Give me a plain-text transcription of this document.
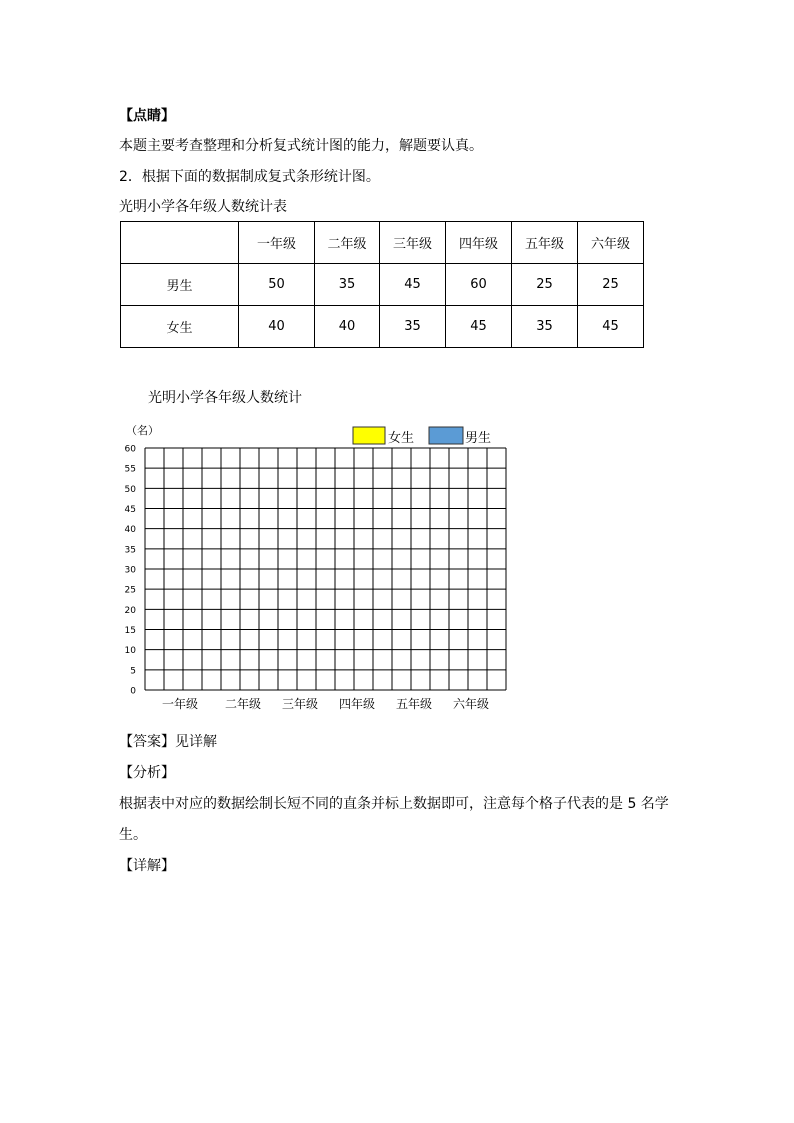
【点睛】
本题主要考查整理和分析复式统计图的能力，解题要认真。
2．根据下面的数据制成复式条形统计图。
光明小学各年级人数统计表
	一年级	二年级	三年级	四年级	五年级	六年级
男生	50	35	45	60	25	25
女生	40	40	35	45	35	45
光明小学各年级人数统计
（名）
女生	男生
60
55
50
45
40
35
30
25
20
15
10
5
0
一年级 二年级 三年级 四年级 五年级 六年级
【答案】见详解
【分析】
根据表中对应的数据绘制长短不同的直条并标上数据即可，注意每个格子代表的是 5 名学
生。
【详解】
